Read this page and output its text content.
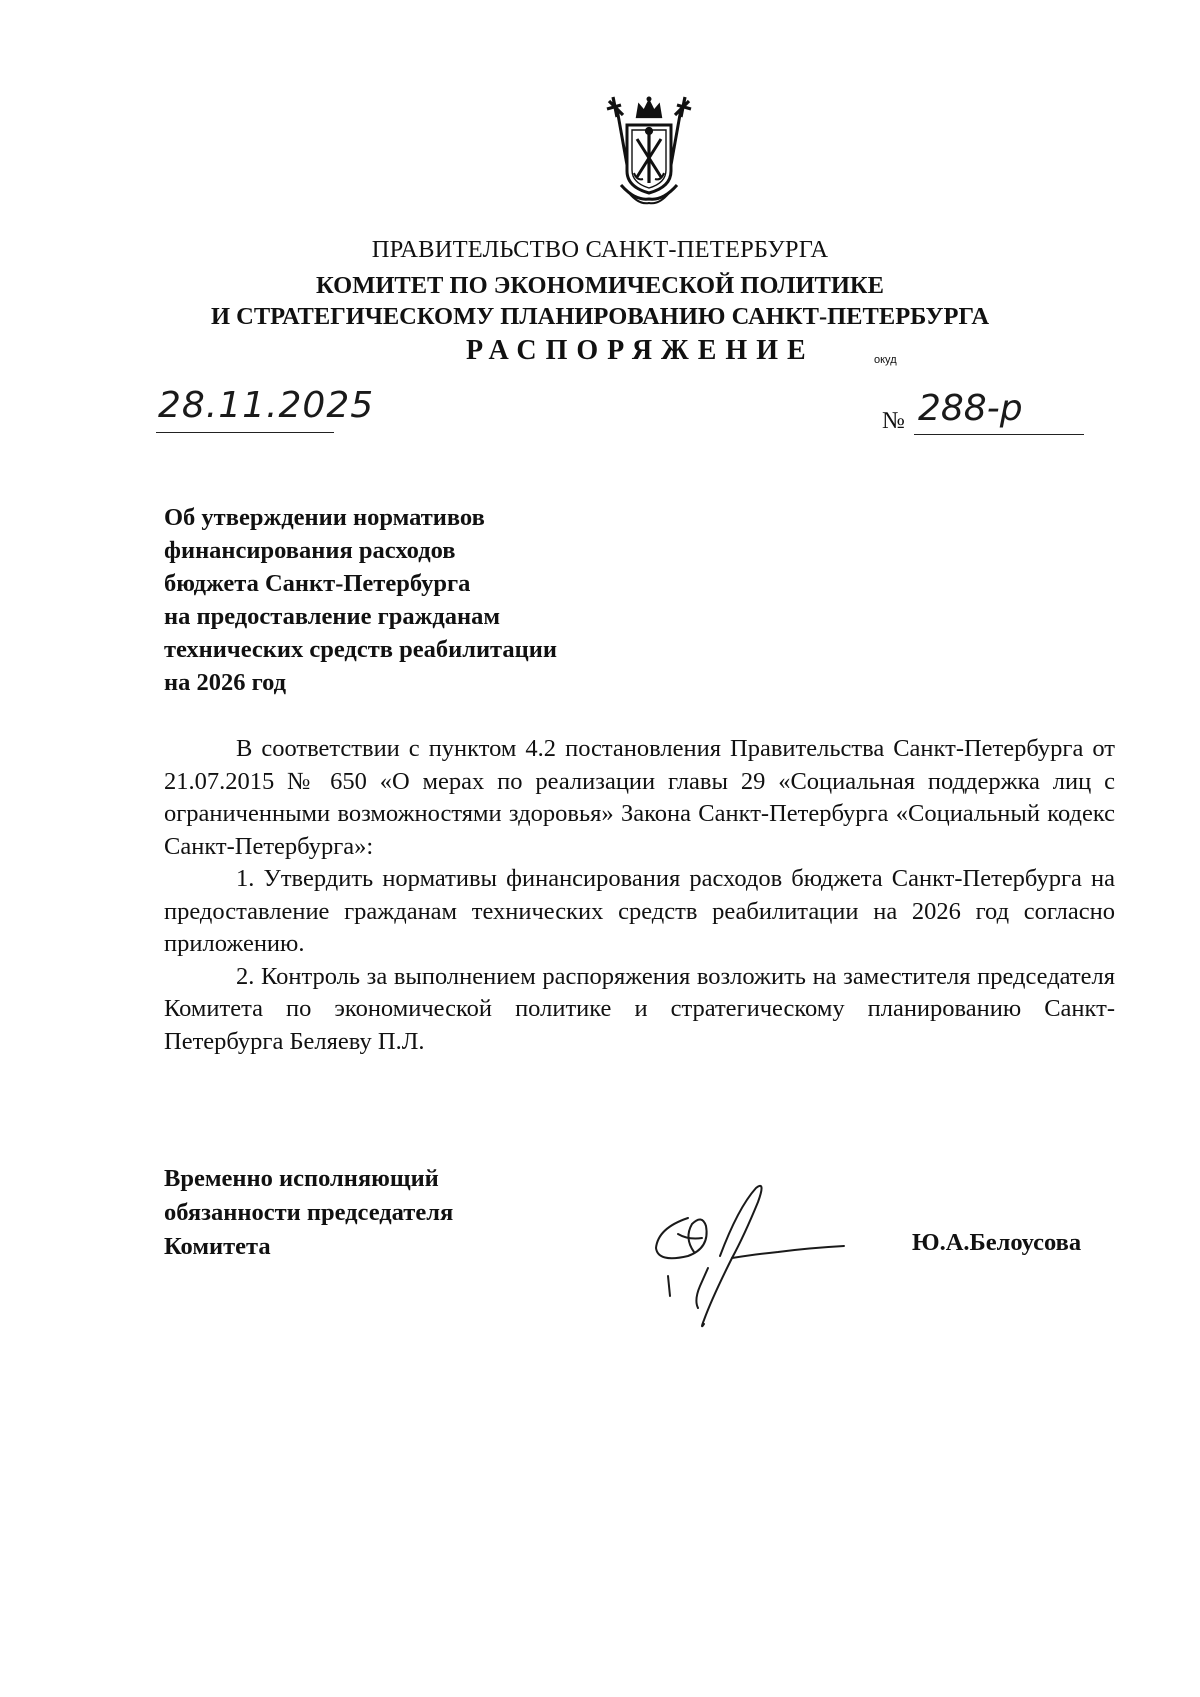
ПРАВИТЕЛЬСТВО САНКТ-ПЕТЕРБУРГА
КОМИТЕТ ПО ЭКОНОМИЧЕСКОЙ ПОЛИТИКЕ
И СТРАТЕГИЧЕСКОМУ ПЛАНИРОВАНИЮ САНКТ-ПЕТЕРБУРГА
РАСПОРЯЖЕНИЕ	окуд
28.11.2025	№ 288-р
Об утверждении нормативов
финансирования расходов
бюджета Санкт-Петербурга
на предоставление гражданам
технических средств реабилитации
на 2026 год

В соответствии с пунктом 4.2 постановления Правительства Санкт-Петербурга от 21.07.2015 № 650 «О мерах по реализации главы 29 «Социальная поддержка лиц с ограниченными возможностями здоровья» Закона Санкт-Петербурга «Социальный кодекс Санкт-Петербурга»:

1. Утвердить нормативы финансирования расходов бюджета Санкт-Петербурга на предоставление гражданам технических средств реабилитации на 2026 год согласно приложению.

2. Контроль за выполнением распоряжения возложить на заместителя председателя Комитета по экономической политике и стратегическому планированию Санкт-Петербурга Беляеву П.Л.

Временно исполняющий
обязанности председателя
Комитета	Ю.А.Белоусова
